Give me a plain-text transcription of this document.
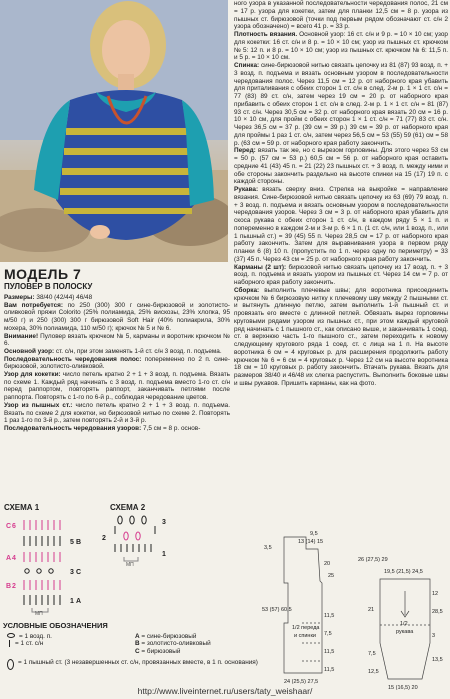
МОДЕЛЬ 7

ПУЛОВЕР В ПОЛОСКУ

Размеры: 38/40 (42/44) 46/48

Вам потребуется: по 250 (300) 300 г сине-бирюзовой и золотисто-оливковой пряжи Colorito (25% полиамида, 25% вискозы, 23% хлопка, 95 м/50 г) и 250 (300) 300 г бирюзовой Soft Hair (40% полиакрила, 30% мохера, 30% полиамида, 110 м/50 г); крючок № 5 и № 6.

Внимание! Пуловер вязать крючком № 5, карманы и воротник крючком № 6.

Основной узор: ст. с/н, при этом заменять 1-й ст. с/н 3 возд. п. подъема.

Последовательность чередования полос: попеременно по 2 п. сине-бирюзовой, золотисто-оливковой.

Узор для кокетки: число петель кратно 2 + 1 + 3 возд. п. подъема. Вязать по схеме 1. Каждый ряд начинать с 3 возд. п. подъема вместо 1-го ст. с/н перед раппортом, повторять раппорт, заканчивать петлями после раппорта. Повторять с 1-го по 6-й р., соблюдая чередование цветов.

Узор из пышных ст.: число петель кратно 2 + 1 + 3 возд. п. подъема. Вязать по схеме 2 для кокетки, но бирюзовой нитью по схеме 2. Повторять 1 раз 1-го по 3-й р., затем повторять 2-й и 3-й р.

Последовательность чередования узоров: 7,5 см = 8 р. основ-

ного узора в указанной последовательности чередования полос, 21 см = 17 р. узора для кокетки, затем для планки 12,5 см = 8 р. узора из пышных ст. бирюзовой (точки под первым рядом обозначают ст. с/н 2 узора обозначено) = всего 41 р. = 33 р.

Плотность вязания. Основной узор: 16 ст. с/н и 9 р. = 10 × 10 см; узор для кокетки: 16 ст. с/н и 8 р. = 10 × 10 см; узор из пышных ст. крючком № 5: 12 п. и 8 р. = 10 × 10 см; узор из пышных ст. крючком № 6: 11,5 п. и 5 р. = 10 × 10 см.

Спинка: сине-бирюзовой нитью связать цепочку из 81 (87) 93 возд. п. + 3 возд. п. подъема и вязать основным узором в последовательности чередования полос. Через 11,5 см = 12 р. от наборного края убавить для приталивания с обеих сторон 1 ст. с/н в след. 2-м р. 1 × 1 ст. с/н = 77 (83) 89 ст. с/н, затем через 19 см = 20 р. от наборного края прибавить с обеих сторон 1 ст. с/н в след. 2-м р. 1 × 1 ст. с/н = 81 (87) 93 ст. с/н. Через 30,5 см = 32 р. от наборного края вязать 20 см = 16 р. 10 × 10 см, для пройм с обеих сторон 1 × 1 ст. с/н = 71 (77) 83 ст. с/н. Через 36,5 см = 37 р. (39 см = 39 р.) 39 см = 39 р. от наборного края для проймы 1 раз 1 ст. с/н, затем через 56,5 см = 53 (55) 59 (61) см = 58 р. (63 см = 59 р. от наборного края работу закончить.

Перед: вязать так же, но с вырезом горловины. Для этого через 53 см = 50 р. (57 см = 53 р.) 60,5 см = 56 р. от наборного края оставить средние 41 (43) 45 п. = 21 (22) 23 пышных ст. + 3 возд. п. между ними и обе стороны закончить раздельно на высоте спинки на 15 (17) 19 п. с каждой стороны.

Рукава: вязать сверху вниз. Стрелка на выкройке = направление вязания. Сине-бирюзовой нитью связать цепочку из 63 (69) 79 возд. п. + 3 возд. п. подъема и вязать основным узором в последовательности чередования узоров. Через 3 см = 3 р. от наборного края убавить для скоса рукава с обеих сторон 1 ст. с/н, в каждом ряду 5 × 1 п. и попеременно в каждом 2-м и 3-м р. 6 × 1 п. (1 ст. с/н, или 1 возд. п., или 1 пышный ст.) = 39 (45) 55 п. Через 28,5 см = 17 р. от наборного края работу закончить. Затем для выравнивания узора в первом ряду планки 6 (8) 10 п. (пропустить по 1 п. через одну по периметру) = 33 (37) 45 п. Через 43 см = 25 р. от наборного края работу закончить.

Карманы (2 шт): бирюзовой нитью связать цепочку из 17 возд. п. + 3 возд. п. подъема и вязать узором из пышных ст. Через 14 см = 7 р. от наборного края работу закончить.

Сборка: выполнить плечевые швы; для воротника присоединить крючком № 6 бирюзовую нитку к плечевому шву между 2 пышными ст. и вытянуть длинную петлю, затем выполнить 1-й пышный ст. и провязать его вместе с длинной петлей. Обвязать вырез горловины круговыми рядами узором из пышных ст., при этом каждый круговой ряд начинать с 1 пышного ст., как описано выше, и заканчивать 1 соед. ст. в верхнюю часть 1-го пышного ст., затем переходить к новому следующему кругового ряда 1 соед. ст. с лица на 1 п. На высоте воротника 6 см = 4 круговых р. для расширения продолжить работу крючком № 6 = 6 см = 4 круговых р. Через 12 см на высоте воротника 18 см = 10 круговых р. работу закончить. Втачать рукава. Вязать для размеров 38/40 и 46/48 их слегка распустить. Выполнить боковые швы и швы рукавов. Пришить карманы, как на фото.

СХЕМА 1	СХЕМА 2
C 6
5 B
A 4
3 C
B 2
1 A
МП
3
2
1
МП
УСЛОВНЫЕ ОБОЗНАЧЕНИЯ
= 1 возд. п.
= 1 ст. с/н
A = сине-бирюзовый
B = золотисто-оливковый
C = бирюзовый
= 1 пышный ст. (3 незавершенных ст. с/н, провязанных вместе, в 1 п. основания)
3,5
9,5
13 (14) 15
20
25
53 (57) 60,5
11,5
7,5
11,5
11,5
1/2 переда
и спинки
24 (25,5) 27,5
26 (27,5) 29
19,5 (21,5) 24,5
15 (16,5) 20
1/2
рукава
12
28,5
21
3
13,5
7,5
12,5
http://www.liveinternet.ru/users/taty_weishaar/
